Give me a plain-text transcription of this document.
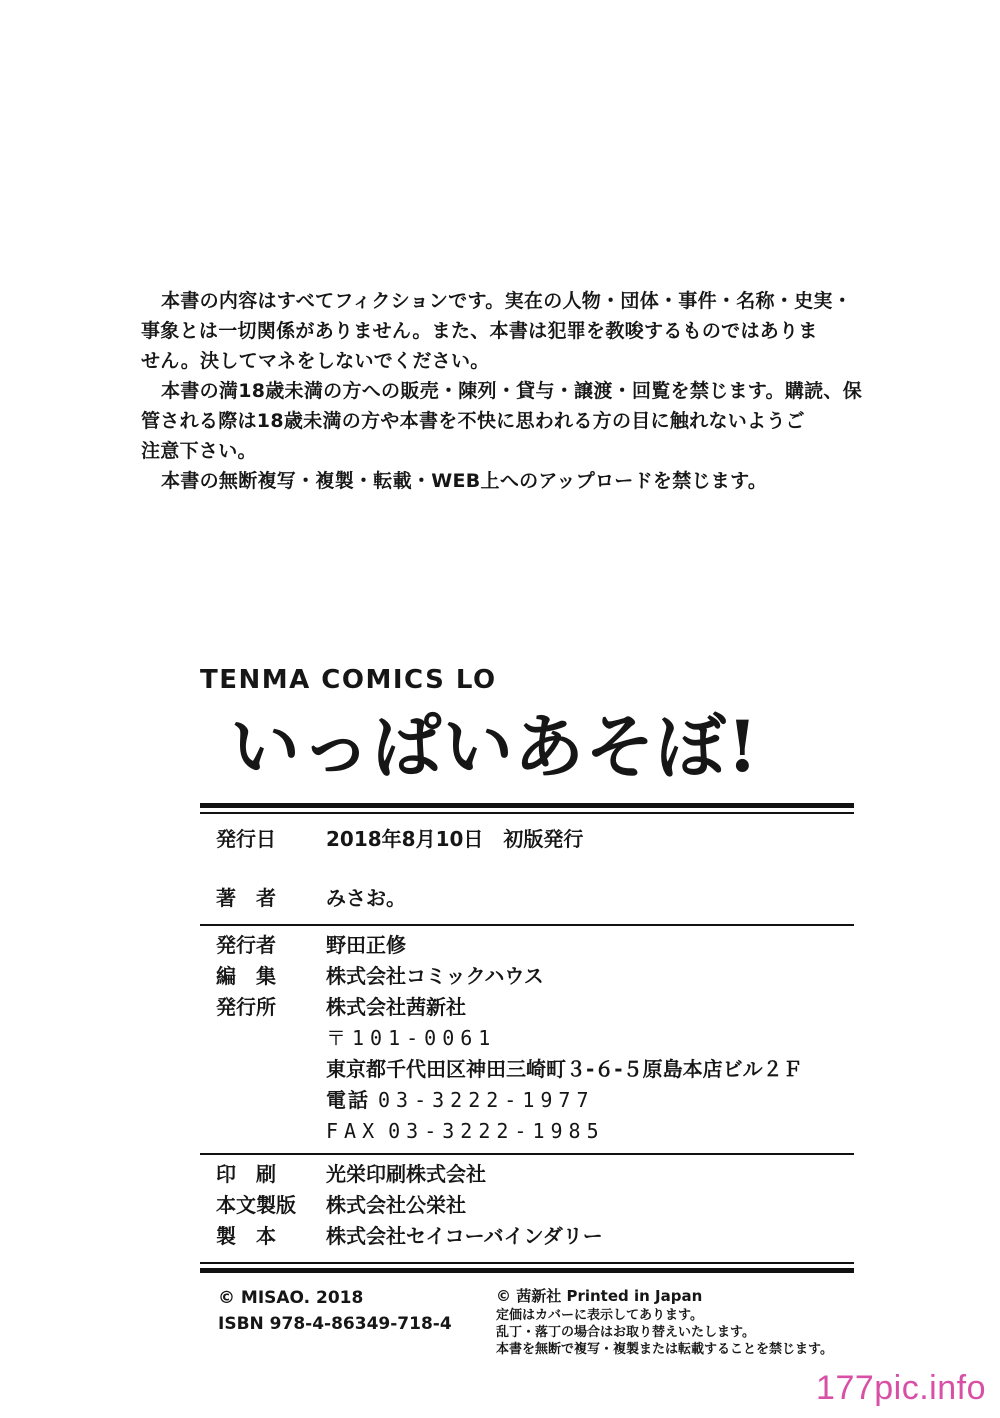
本書の内容はすべてフィクションです。実在の人物・団体・事件・名称・史実・

事象とは一切関係がありません。また、本書は犯罪を教唆するものではありま

せん。決してマネをしないでください。

本書の満18歳未満の方への販売・陳列・貸与・譲渡・回覧を禁じます。購読、保

管される際は18歳未満の方や本書を不快に思われる方の目に触れないようご

注意下さい。

本書の無断複写・複製・転載・WEB上へのアップロードを禁じます。

TENMA COMICS LO
いっぱいあそぼ!
発行日	2018年8月10日　初版発行
著　者	みさお。
発行者	野田正修
編　集	株式会社コミックハウス
発行所	株式会社茜新社
〒101-0061
東京都千代田区神田三崎町３-６-５原島本店ビル２Ｆ
電話 03-3222-1977
FAX 03-3222-1985
印　刷	光栄印刷株式会社
本文製版	株式会社公栄社
製　本	株式会社セイコーバインダリー
© MISAO. 2018
ISBN 978-4-86349-718-4
© 茜新社 Printed in Japan
定価はカバーに表示してあります。
乱丁・落丁の場合はお取り替えいたします。
本書を無断で複写・複製または転載することを禁じます。
177pic.info
